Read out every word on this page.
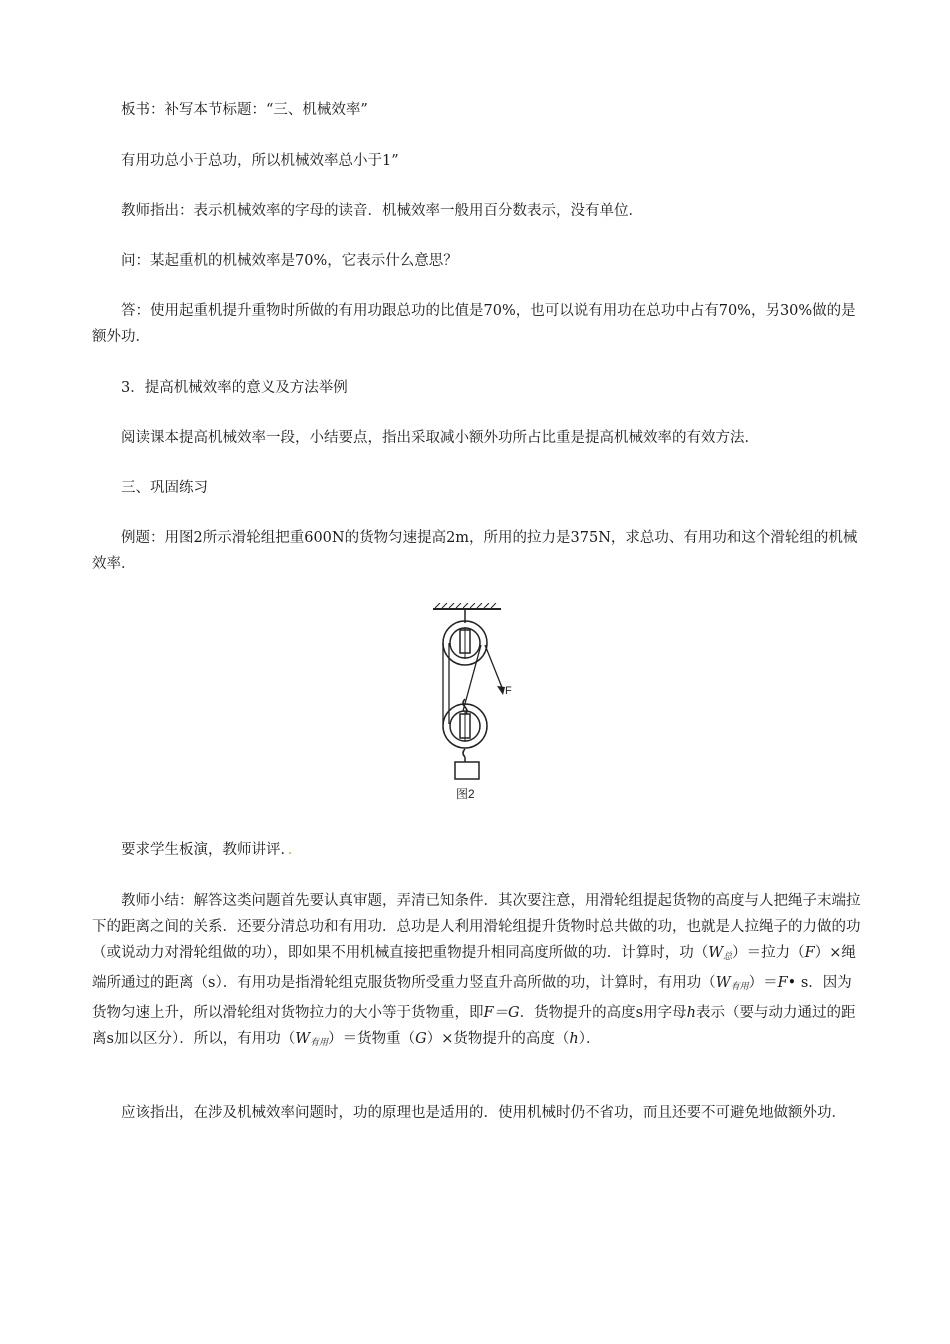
板书：补写本节标题：“三、机械效率”

有用功总小于总功，所以机械效率总小于1”

教师指出：表示机械效率的字母的读音．机械效率一般用百分数表示，没有单位．

问：某起重机的机械效率是70%，它表示什么意思？

答：使用起重机提升重物时所做的有用功跟总功的比值是70%，也可以说有用功在总功中占有70%，另30%做的是额外功．

3．提高机械效率的意义及方法举例

阅读课本提高机械效率一段，小结要点，指出采取减小额外功所占比重是提高机械效率的有效方法．

三、巩固练习

例题：用图2所示滑轮组把重600N的货物匀速提高2m，所用的拉力是375N，求总功、有用功和这个滑轮组的机械效率．

F
图2

要求学生板演，教师讲评．．

教师小结：解答这类问题首先要认真审题，弄清已知条件．其次要注意，用滑轮组提起货物的高度与人把绳子末端拉下的距离之间的关系．还要分清总功和有用功．总功是人利用滑轮组提升货物时总共做的功，也就是人拉绳子的力做的功（或说动力对滑轮组做的功），即如果不用机械直接把重物提升相同高度所做的功．计算时，功$(W_总)=$拉力（F）×绳端所通过的距离（s）．有用功是指滑轮组克服货物所受重力竖直升高所做的功，计算时，有用功$(W_{有用})=F•$ s．因为货物匀速上升，所以滑轮组对货物拉力的大小等于货物重，即F＝G．货物提升的高度s用字母h表示（要与动力通过的距离s加以区分）．所以，有用功$(W_{有用})=$货物重（G）×货物提升的高度（h）．

应该指出，在涉及机械效率问题时，功的原理也是适用的．使用机械时仍不省功，而且还要不可避免地做额外功．
